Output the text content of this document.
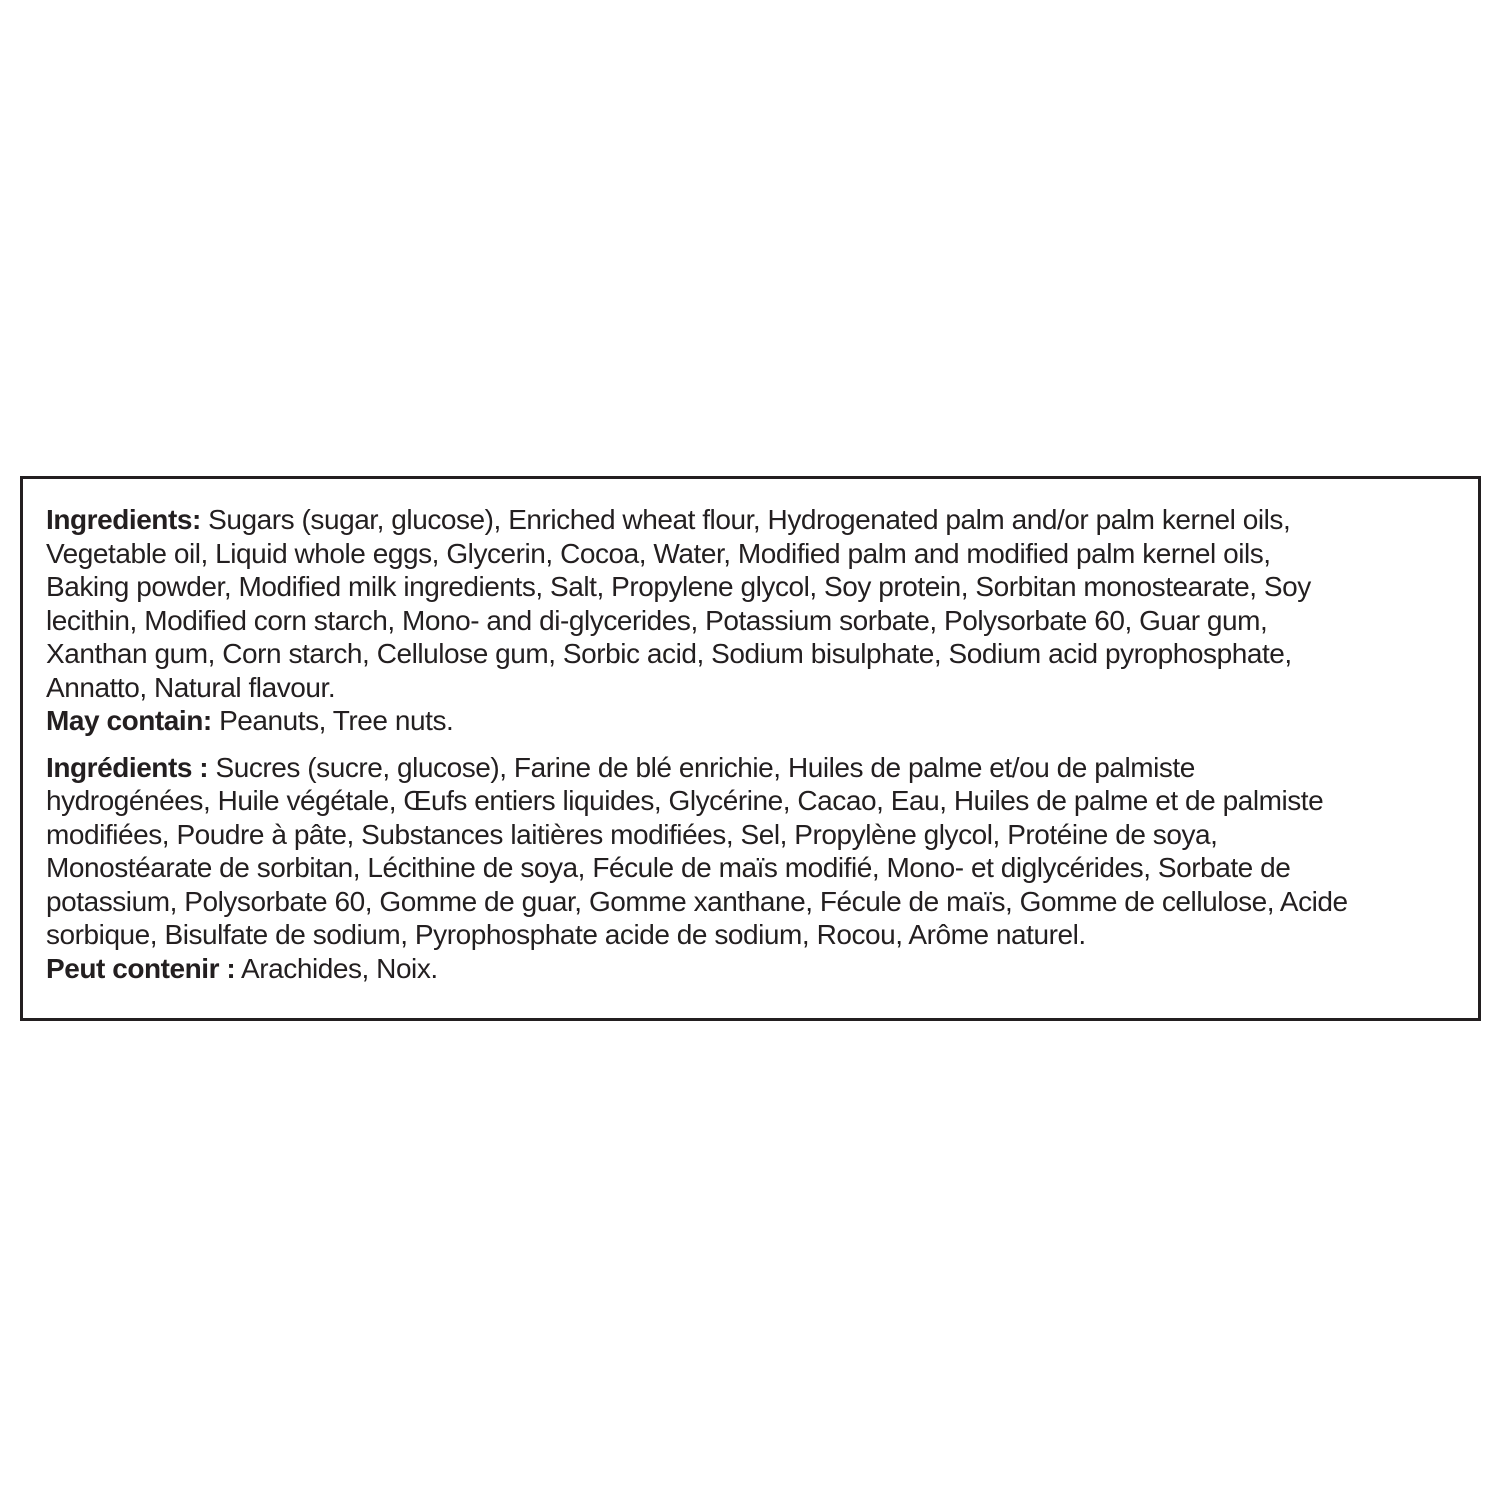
Ingredients: Sugars (sugar, glucose), Enriched wheat flour, Hydrogenated palm and/or palm kernel oils,
Vegetable oil, Liquid whole eggs, Glycerin, Cocoa, Water, Modified palm and modified palm kernel oils,
Baking powder, Modified milk ingredients, Salt, Propylene glycol, Soy protein, Sorbitan monostearate, Soy
lecithin, Modified corn starch, Mono- and di-glycerides, Potassium sorbate, Polysorbate 60, Guar gum,
Xanthan gum, Corn starch, Cellulose gum, Sorbic acid, Sodium bisulphate, Sodium acid pyrophosphate,
Annatto, Natural flavour.
May contain: Peanuts, Tree nuts.
Ingrédients : Sucres (sucre, glucose), Farine de blé enrichie, Huiles de palme et/ou de palmiste
hydrogénées, Huile végétale, Œufs entiers liquides, Glycérine, Cacao, Eau, Huiles de palme et de palmiste
modifiées, Poudre à pâte, Substances laitières modifiées, Sel, Propylène glycol, Protéine de soya,
Monostéarate de sorbitan, Lécithine de soya, Fécule de maïs modifié, Mono- et diglycérides, Sorbate de
potassium, Polysorbate 60, Gomme de guar, Gomme xanthane, Fécule de maïs, Gomme de cellulose, Acide
sorbique, Bisulfate de sodium, Pyrophosphate acide de sodium, Rocou, Arôme naturel.
Peut contenir : Arachides, Noix.
